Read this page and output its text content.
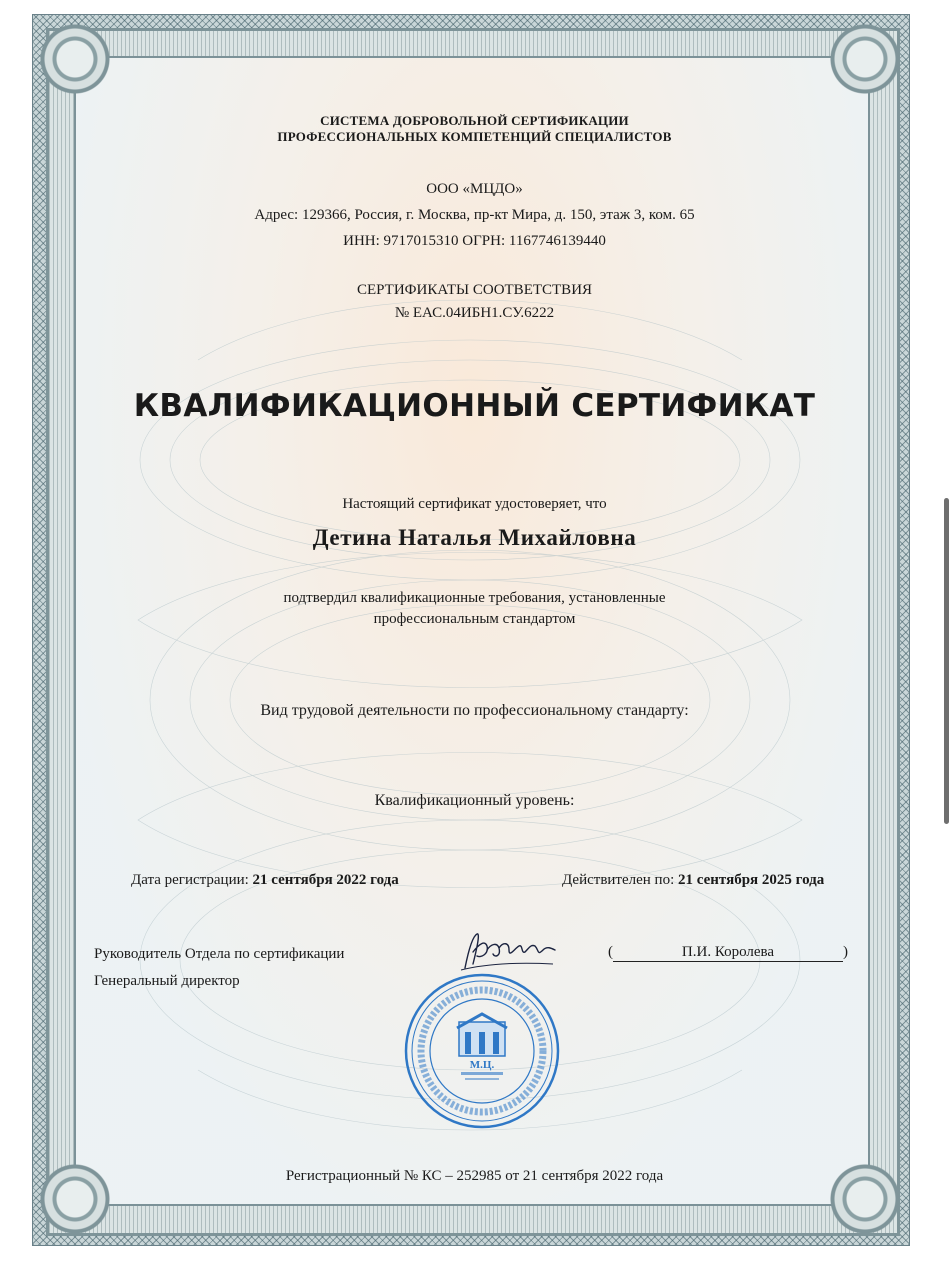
СИСТЕМА ДОБРОВОЛЬНОЙ СЕРТИФИКАЦИИ
ПРОФЕССИОНАЛЬНЫХ КОМПЕТЕНЦИЙ СПЕЦИАЛИСТОВ
ООО «МЦДО»
Адрес: 129366, Россия, г. Москва, пр-кт Мира, д. 150, этаж 3, ком. 65
ИНН: 9717015310 ОГРН: 1167746139440
СЕРТИФИКАТЫ СООТВЕТСТВИЯ
№ ЕАС.04ИБН1.СУ.6222
КВАЛИФИКАЦИОННЫЙ СЕРТИФИКАТ
Настоящий сертификат удостоверяет, что
Детина Наталья Михайловна
подтвердил квалификационные требования, установленные
профессиональным стандартом
Вид трудовой деятельности по профессиональному стандарту:
Квалификационный уровень:
Дата регистрации: 21 сентября 2022 года	Действителен по: 21 сентября 2025 года
Руководитель Отдела по сертификации
Генеральный директор
(	П.И. Королева	)
М.Ц.
Регистрационный № КС – 252985 от 21 сентября 2022 года
